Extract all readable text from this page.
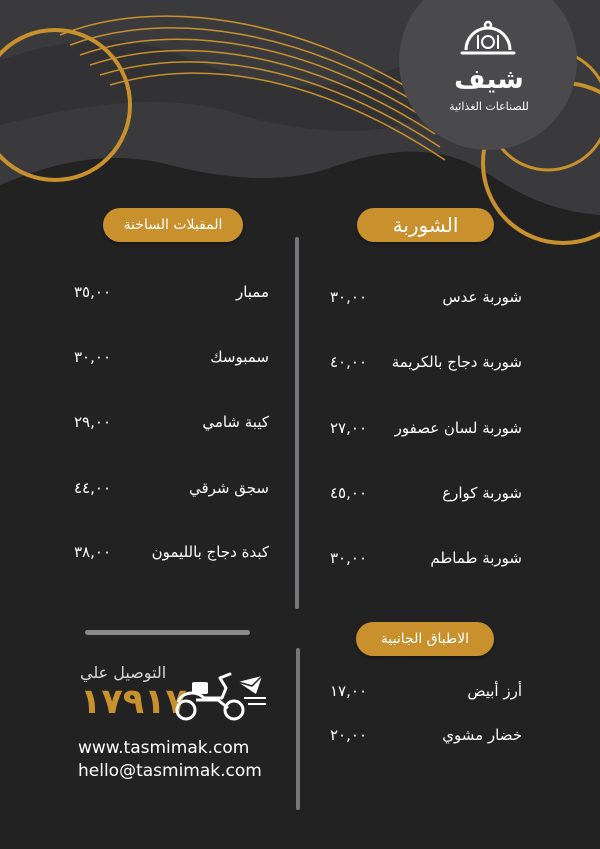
شيف
للصناعات الغذائية
الشوربة
المقبلات الساخنة
شوربة عدس
٣٠,٠٠
شوربة دجاج بالكريمة
٤٠,٠٠
شوربة لسان عصفور
٢٧,٠٠
شوربة كوارع
٤٥,٠٠
شوربة طماطم
٣٠,٠٠
ممبار
٣٥,٠٠
سمبوسك
٣٠,٠٠
كيبة شامي
٢٩,٠٠
سجق شرقي
٤٤,٠٠
كبدة دجاج بالليمون
٣٨,٠٠
الاطباق الجانبية
أرز أبيض
١٧,٠٠
خضار مشوي
٢٠,٠٠
التوصيل علي
١٧٩١٧
www.tasmimak.com
hello@tasmimak.com
